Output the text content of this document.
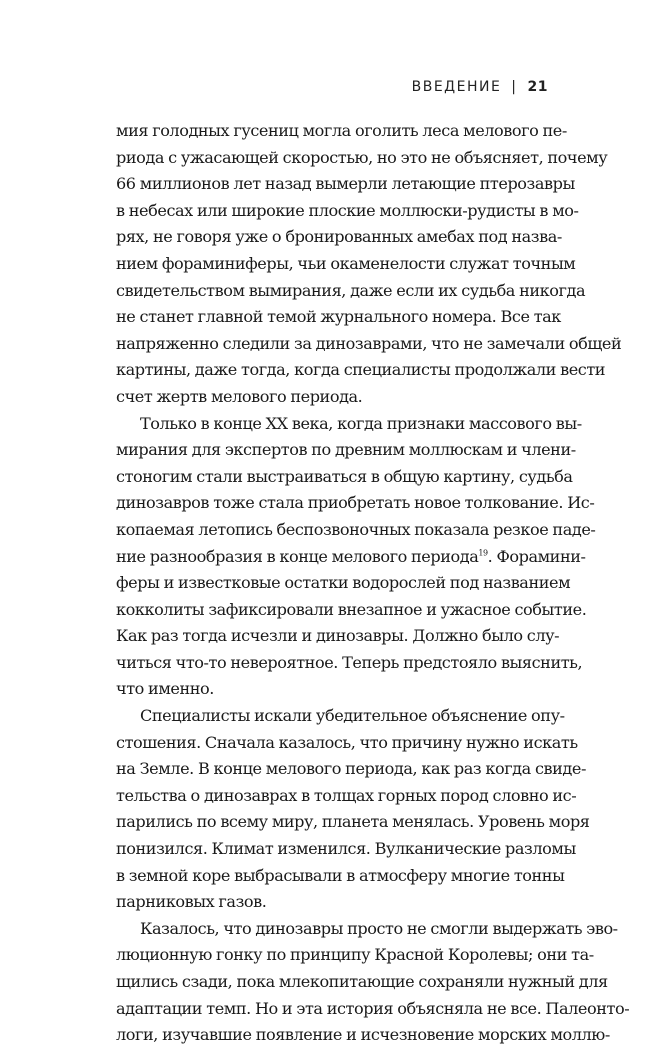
ВВЕДЕНИЕ | 21
мия голодных гусениц могла оголить леса мелового пе-
риода с ужасающей скоростью, но это не объясняет, почему
66 миллионов лет назад вымерли летающие птерозавры
в небесах или широкие плоские моллюски-рудисты в мо-
рях, не говоря уже о бронированных амебах под назва-
нием фораминиферы, чьи окаменелости служат точным
свидетельством вымирания, даже если их судьба никогда
не станет главной темой журнального номера. Все так
напряженно следили за динозаврами, что не замечали общей
картины, даже тогда, когда специалисты продолжали вести
счет жертв мелового периода.
Только в конце XX века, когда признаки массового вы-
мирания для экспертов по древним моллюскам и члени-
стоногим стали выстраиваться в общую картину, судьба
динозавров тоже стала приобретать новое толкование. Ис-
копаемая летопись беспозвоночных показала резкое паде-
ние разнообразия в конце мелового периода$^{19}$. Форамини-
феры и известковые остатки водорослей под названием
кокколиты зафиксировали внезапное и ужасное событие.
Как раз тогда исчезли и динозавры. Должно было слу-
читься что-то невероятное. Теперь предстояло выяснить,
что именно.
Специалисты искали убедительное объяснение опу-
стошения. Сначала казалось, что причину нужно искать
на Земле. В конце мелового периода, как раз когда свиде-
тельства о динозаврах в толщах горных пород словно ис-
парились по всему миру, планета менялась. Уровень моря
понизился. Климат изменился. Вулканические разломы
в земной коре выбрасывали в атмосферу многие тонны
парниковых газов.
Казалось, что динозавры просто не смогли выдержать эво-
люционную гонку по принципу Красной Королевы; они та-
щились сзади, пока млекопитающие сохраняли нужный для
адаптации темп. Но и эта история объясняла не все. Палеонто-
логи, изучавшие появление и исчезновение морских моллю-
